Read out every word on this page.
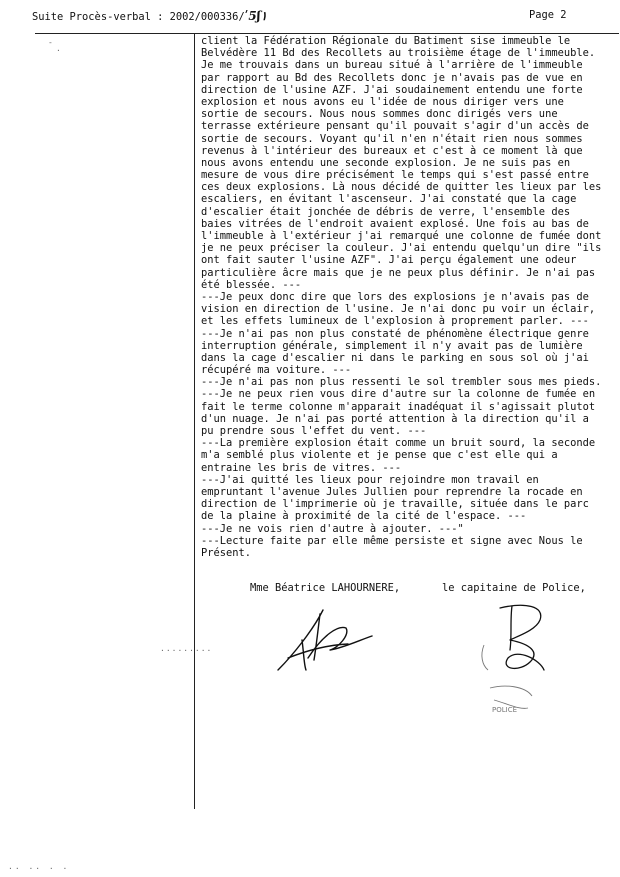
Suite Procès-verbal : 2002/000336/ʹ5ʃ١	Page 2
-
·
·········
·· ·· · ·
client la Fédération Régionale du Batiment sise immeuble le
Belvédère 11 Bd des Recollets au troisième étage de l'immeuble.
Je me trouvais dans un bureau situé à l'arrière de l'immeuble
par rapport au Bd des Recollets donc je n'avais pas de vue en
direction de l'usine AZF. J'ai soudainement entendu une forte
explosion et nous avons eu l'idée de nous diriger vers une
sortie de secours. Nous nous sommes donc dirigés vers une
terrasse extérieure pensant qu'il pouvait s'agir d'un accès de
sortie de secours. Voyant qu'il n'en n'était rien nous sommes
revenus à l'intérieur des bureaux et c'est à ce moment là que
nous avons entendu une seconde explosion. Je ne suis pas en
mesure de vous dire précisément le temps qui s'est passé entre
ces deux explosions. Là nous décidé de quitter les lieux par les
escaliers, en évitant l'ascenseur. J'ai constaté que la cage
d'escalier était jonchée de débris de verre, l'ensemble des
baies vitrées de l'endroit avaient explosé. Une fois au bas de
l'immeuble à l'extérieur j'ai remarqué une colonne de fumée dont
je ne peux préciser la couleur. J'ai entendu quelqu'un dire "ils
ont fait sauter l'usine AZF". J'ai perçu également une odeur
particulière âcre mais que je ne peux plus définir. Je n'ai pas
été blessée. ---
---Je peux donc dire que lors des explosions je n'avais pas de
vision en direction de l'usine. Je n'ai donc pu voir un éclair,
et les effets lumineux de l'explosion à proprement parler. ---
---Je n'ai pas non plus constaté de phénomène électrique genre
interruption générale, simplement il n'y avait pas de lumière
dans la cage d'escalier ni dans le parking en sous sol où j'ai
récupéré ma voiture. ---
---Je n'ai pas non plus ressenti le sol trembler sous mes pieds.
---Je ne peux rien vous dire d'autre sur la colonne de fumée en
fait le terme colonne m'apparait inadéquat il s'agissait plutot
d'un nuage. Je n'ai pas porté attention à la direction qu'il a
pu prendre sous l'effet du vent. ---
---La première explosion était comme un bruit sourd, la seconde
m'a semblé plus violente et je pense que c'est elle qui a
entraine les bris de vitres. ---
---J'ai quitté les lieux pour rejoindre mon travail en
empruntant l'avenue Jules Jullien pour reprendre la rocade en
direction de l'imprimerie où je travaille, située dans le parc
de la plaine à proximité de la cité de l'espace. ---
---Je ne vois rien d'autre à ajouter. ---"
---Lecture faite par elle même persiste et signe avec Nous le
Présent.
Mme Béatrice LAHOURNERE,	le capitaine de Police,
POLICE
